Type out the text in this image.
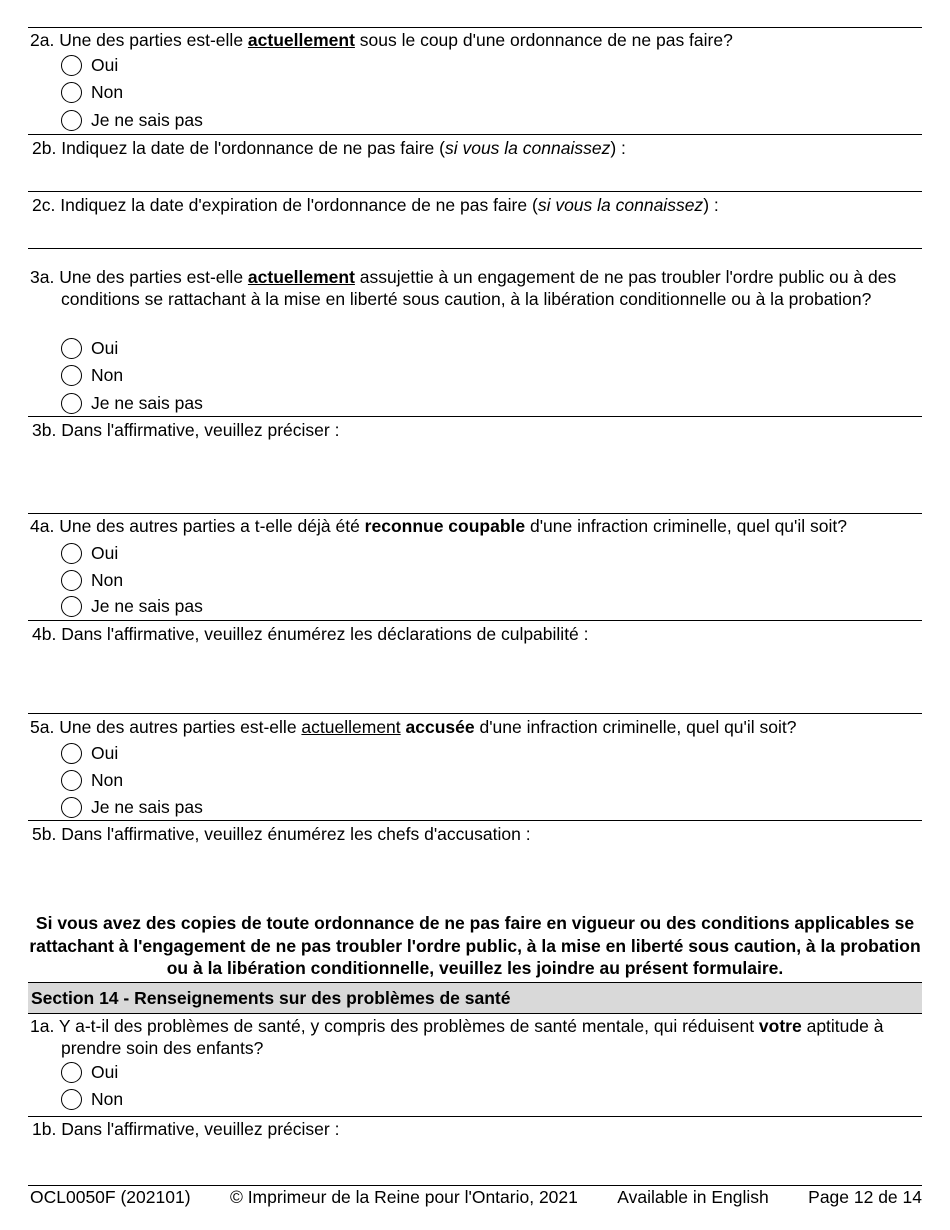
2a. Une des parties est-elle actuellement sous le coup d'une ordonnance de ne pas faire?
Oui
Non
Je ne sais pas
2b. Indiquez la date de l'ordonnance de ne pas faire (si vous la connaissez) :
2c. Indiquez la date d'expiration de l'ordonnance de ne pas faire (si vous la connaissez) :
3a. Une des parties est-elle actuellement assujettie à un engagement de ne pas troubler l'ordre public ou à des conditions se rattachant à la mise en liberté sous caution, à la libération conditionnelle ou à la probation?
Oui
Non
Je ne sais pas
3b. Dans l'affirmative, veuillez préciser :
4a. Une des autres parties a t-elle déjà été reconnue coupable d'une infraction criminelle, quel qu'il soit?
Oui
Non
Je ne sais pas
4b. Dans l'affirmative, veuillez énumérez les déclarations de culpabilité :
5a. Une des autres parties est-elle actuellement accusée d'une infraction criminelle, quel qu'il soit?
Oui
Non
Je ne sais pas
5b. Dans l'affirmative, veuillez énumérez les chefs d'accusation :
Si vous avez des copies de toute ordonnance de ne pas faire en vigueur ou des conditions applicables se rattachant à l'engagement de ne pas troubler l'ordre public, à la mise en liberté sous caution, à la probation ou à la libération conditionnelle, veuillez les joindre au présent formulaire.
Section 14 - Renseignements sur des problèmes de santé
1a. Y a-t-il des problèmes de santé, y compris des problèmes de santé mentale, qui réduisent votre aptitude à prendre soin des enfants?
Oui
Non
1b. Dans l'affirmative, veuillez préciser :
OCL0050F (202101) © Imprimeur de la Reine pour l'Ontario, 2021 Available in English Page 12 de 14
